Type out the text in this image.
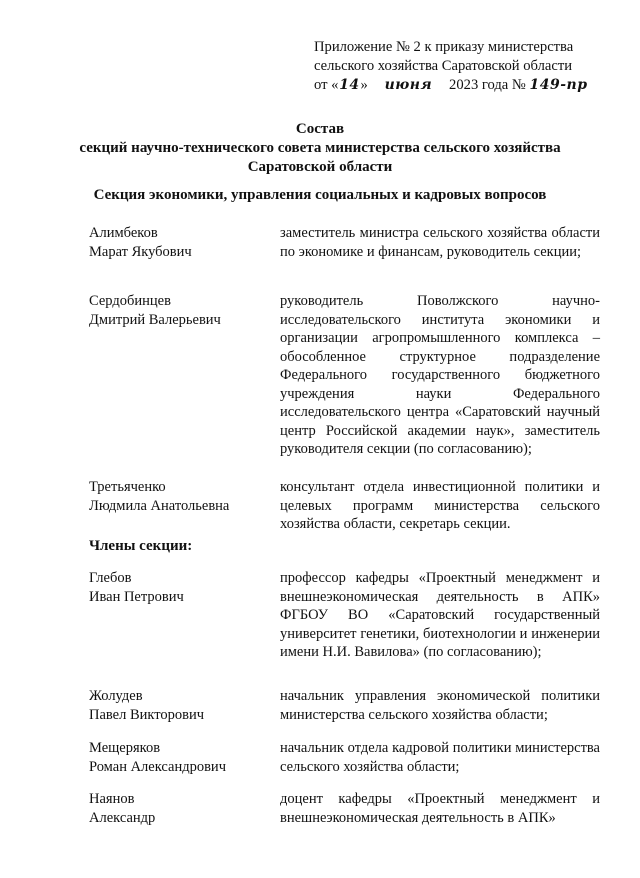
Приложение № 2 к приказу министерства
сельского хозяйства Саратовской области
от «14» июня 2023 года № 149-пр
Состав
секций научно-технического совета министерства сельского хозяйства
Саратовской области
Секция экономики, управления социальных и кадровых вопросов
Алимбеков
Марат Якубович
заместитель министра сельского хозяйства области по экономике и финансам, руководитель секции;
Сердобинцев
Дмитрий Валерьевич
руководитель Поволжского научно-исследовательского института экономики и организации агропромышленного комплекса – обособленное структурное подразделение Федерального государственного бюджетного учреждения науки Федерального исследовательского центра «Саратовский научный центр Российской академии наук», заместитель руководителя секции (по согласованию);
Третьяченко
Людмила Анатольевна
консультант отдела инвестиционной политики и целевых программ министерства сельского хозяйства области, секретарь секции.
Члены секции:
Глебов
Иван Петрович
профессор кафедры «Проектный менеджмент и внешнеэкономическая деятельность в АПК» ФГБОУ ВО «Саратовский государственный университет генетики, биотехнологии и инженерии имени Н.И. Вавилова» (по согласованию);
Жолудев
Павел Викторович
начальник управления экономической политики министерства сельского хозяйства области;
Мещеряков
Роман Александрович
начальник отдела кадровой политики министерства сельского хозяйства области;
Наянов
Александр
доцент кафедры «Проектный менеджмент и внешнеэкономическая деятельность в АПК»
